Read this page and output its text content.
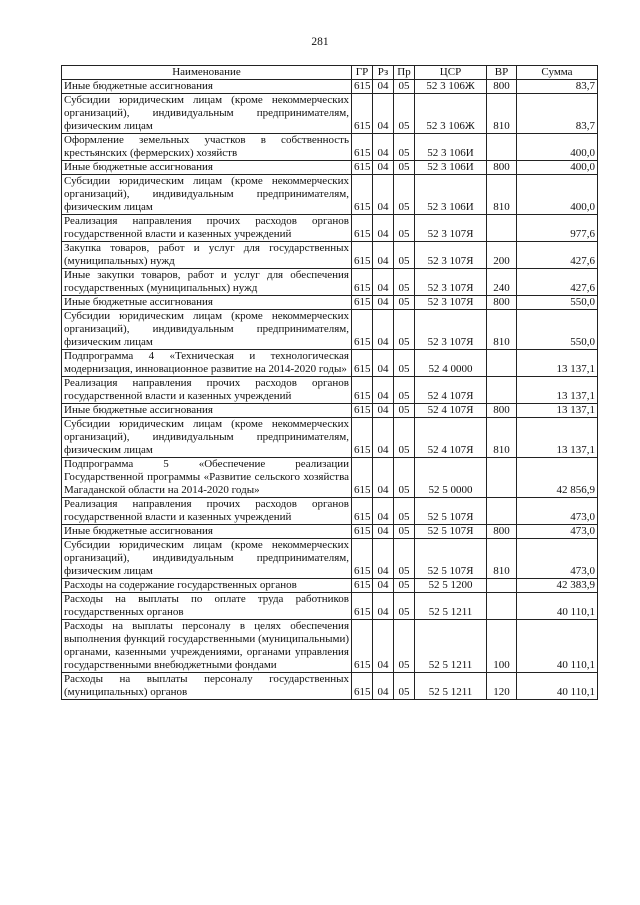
281
Наименование	ГР	Рз	Пр	ЦСР	ВР	Сумма
Иные бюджетные ассигнования	615	04	05	52 3 106Ж	800	83,7
Субсидии юридическим лицам (кроме некоммерческих организаций), индивидуальным предпринимателям, физическим лицам	615	04	05	52 3 106Ж	810	83,7
Оформление земельных участков в собственность крестьянских (фермерских) хозяйств	615	04	05	52 3 106И		400,0
Иные бюджетные ассигнования	615	04	05	52 3 106И	800	400,0
Субсидии юридическим лицам (кроме некоммерческих организаций), индивидуальным предпринимателям, физическим лицам	615	04	05	52 3 106И	810	400,0
Реализация направления прочих расходов органов государственной власти и казенных учреждений	615	04	05	52 3 107Я		977,6
Закупка товаров, работ и услуг для государственных (муниципальных) нужд	615	04	05	52 3 107Я	200	427,6
Иные закупки товаров, работ и услуг для обеспечения государственных (муниципальных) нужд	615	04	05	52 3 107Я	240	427,6
Иные бюджетные ассигнования	615	04	05	52 3 107Я	800	550,0
Субсидии юридическим лицам (кроме некоммерческих организаций), индивидуальным предпринимателям, физическим лицам	615	04	05	52 3 107Я	810	550,0
Подпрограмма 4 «Техническая и технологическая модернизация, инновационное развитие на 2014-2020 годы»	615	04	05	52 4 0000		13 137,1
Реализация направления прочих расходов органов государственной власти и казенных учреждений	615	04	05	52 4 107Я		13 137,1
Иные бюджетные ассигнования	615	04	05	52 4 107Я	800	13 137,1
Субсидии юридическим лицам (кроме некоммерческих организаций), индивидуальным предпринимателям, физическим лицам	615	04	05	52 4 107Я	810	13 137,1
Подпрограмма 5 «Обеспечение реализации Государственной программы «Развитие сельского хозяйства Магаданской области на 2014-2020 годы»	615	04	05	52 5 0000		42 856,9
Реализация направления прочих расходов органов государственной власти и казенных учреждений	615	04	05	52 5 107Я		473,0
Иные бюджетные ассигнования	615	04	05	52 5 107Я	800	473,0
Субсидии юридическим лицам (кроме некоммерческих организаций), индивидуальным предпринимателям, физическим лицам	615	04	05	52 5 107Я	810	473,0
Расходы на содержание государственных органов	615	04	05	52 5 1200		42 383,9
Расходы на выплаты по оплате труда работников государственных органов	615	04	05	52 5 1211		40 110,1
Расходы на выплаты персоналу в целях обеспечения выполнения функций государственными (муниципальными) органами, казенными учреждениями, органами управления государственными внебюджетными фондами	615	04	05	52 5 1211	100	40 110,1
Расходы на выплаты персоналу государственных (муниципальных) органов	615	04	05	52 5 1211	120	40 110,1
